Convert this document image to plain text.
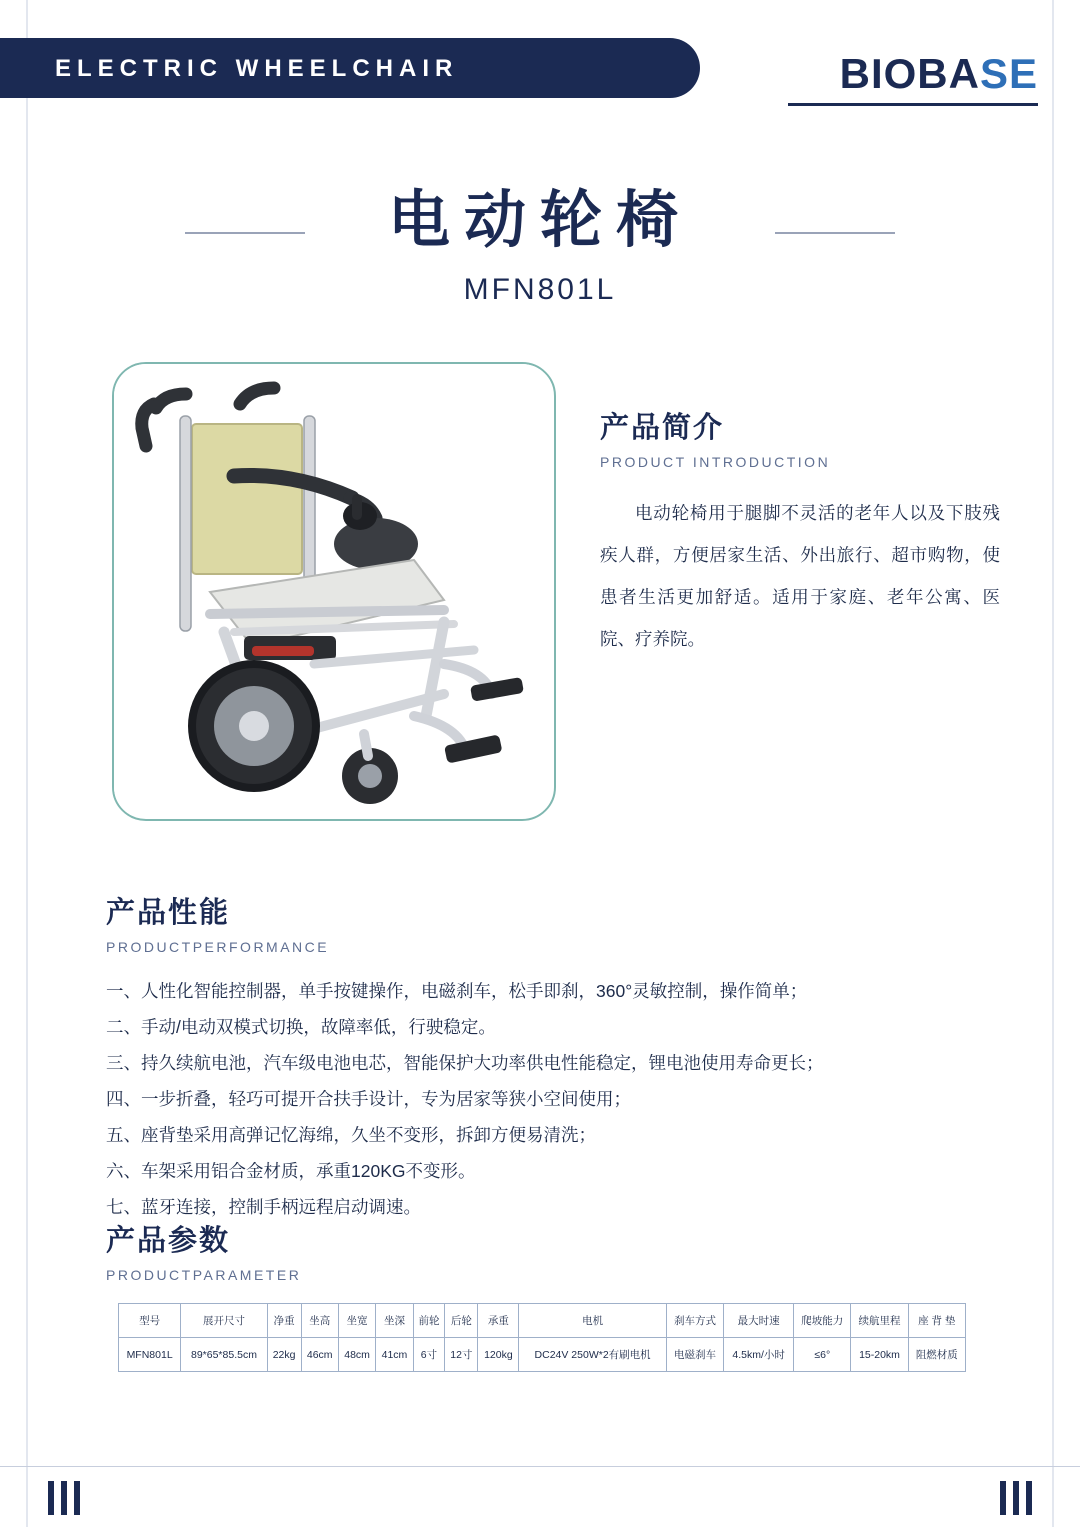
ELECTRIC WHEELCHAIR	BIOBASE
电动轮椅
MFN801L
产品简介
PRODUCT INTRODUCTION
电动轮椅用于腿脚不灵活的老年人以及下肢残疾人群，方便居家生活、外出旅行、超市购物，使患者生活更加舒适。适用于家庭、老年公寓、医院、疗养院。
产品性能
PRODUCTPERFORMANCE
一、人性化智能控制器，单手按键操作，电磁刹车，松手即刹，360°灵敏控制，操作简单；
二、手动/电动双模式切换，故障率低，行驶稳定。
三、持久续航电池，汽车级电池电芯，智能保护大功率供电性能稳定，锂电池使用寿命更长；
四、一步折叠，轻巧可提开合扶手设计，专为居家等狭小空间使用；
五、座背垫采用高弹记忆海绵，久坐不变形，拆卸方便易清洗；
六、车架采用铝合金材质，承重120KG不变形。
七、蓝牙连接，控制手柄远程启动调速。
产品参数
PRODUCTPARAMETER
型号	展开尺寸	净重	坐高	坐宽	坐深	前轮	后轮	承重	电机	刹车方式	最大时速	爬坡能力	续航里程	座 背 垫
MFN801L	89*65*85.5cm	22kg	46cm	48cm	41cm	6寸	12寸	120kg	DC24V 250W*2有刷电机	电磁刹车	4.5km/小时	≤6°	15-20km	阻燃材质
